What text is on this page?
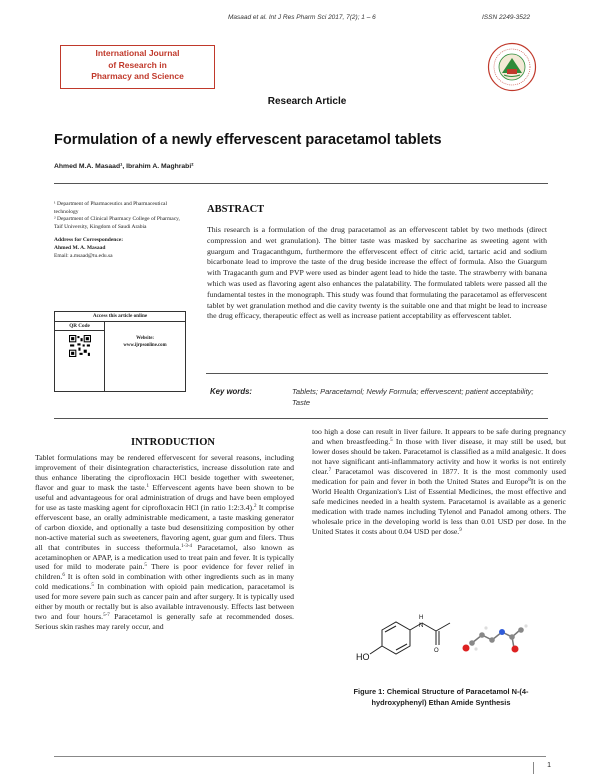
Masaad et al. Int J Res Pharm Sci 2017, 7(2); 1 – 6	ISSN 2249-3522
International Journal
of Research in
Pharmacy and Science
Research Article
Formulation of a newly effervescent paracetamol tablets
Ahmed M.A. Masaad¹, Ibrahim A. Maghrabi²
¹ Department of Pharmaceutics and Pharmaceutical technology
² Department of Clinical Pharmacy College of Pharmacy, Taif University, Kingdom of Saudi Arabia
Address for Correspondence:
Ahmed M. A. Masaad
Email: a.msaad@tu.edu.sa
Access this article online
QR Code
Website:
www.ijrpsonline.com
ABSTRACT
This research is a formulation of the drug paracetamol as an effervescent tablet by two methods (direct compression and wet granulation). The bitter taste was masked by saccharine as sweeting agent with guargum and Tragacanthgum, furthermore the effervescent effect of citric acid, tartaric acid and sodium bicarbonate lead to improve the taste of the drug beside increase the effect of formula. Also the Guargum with Tragacanth gum and PVP were used as binder agent lead to hide the taste. The strawberry with banana which was used as flavoring agent also enhances the palatability. The formulated tablets were passed all the fundamental testes in the monograph. This study was found that formulating the paracetamol as effervescent tablet by wet granulation method and die cavity twenty is the suitable one and that might be lead to increase the drug efficacy, therapeutic effect as well as increase patient acceptability as effervescent tablet.
Key words:	Tablets; Paracetamol; Newly Formula; effervescent; patient acceptability; Taste
INTRODUCTION
Tablet formulations may be rendered effervescent for several reasons, including improvement of their disintegration characteristics, increase dissolution rate and thus enhance liberating the ciprofloxacin HCl beside together with sweetener, flavor and guar to mask the taste.$^1$ Effervescent agents have been shown to be useful and advantageous for oral administration of drugs and have been employed for use as taste masking agent for ciprofloxacin HCl (in ratio 1:2:3.4).$^2$ It comprise effervescent base, an orally administrable medicament, a taste masking generator of carbon dioxide, and optionally a taste bud desensitizing composition by other non-active material such as sweeteners, flavoring agent, guar gum and filers. Thus all that contributes in success theformula.$^{1-3-4}$ Paracetamol, also known as acetaminophen or APAP, is a medication used to treat pain and fever. It is typically used for mild to moderate pain.$^5$ There is poor evidence for fever relief in children.$^6$ It is often sold in combination with other ingredients such as in many cold medications.$^5$ In combination with opioid pain medication, paracetamol is used for more severe pain such as cancer pain and after surgery. It is typically used either by mouth or rectally but is also available intravenously. Effects last between two and four hours.$^{5-7}$ Paracetamol is generally safe at recommended doses. Serious skin rashes may rarely occur, and
too high a dose can result in liver failure. It appears to be safe during pregnancy and when breastfeeding.$^5$ In those with liver disease, it may still be used, but lower doses should be taken. Paracetamol is classified as a mild analgesic. It does not have significant anti-inflammatory activity and how it works is not entirely clear.$^7$ Paracetamol was discovered in 1877. It is the most commonly used medication for pain and fever in both the United States and Europe$^8$It is on the World Health Organization's List of Essential Medicines, the most effective and safe medicines needed in a health system. Paracetamol is available as a generic medication with trade names including Tylenol and Panadol among others. The wholesale price in the developing world is less than 0.01 USD per dose. In the United States it costs about 0.04 USD per dose.$^9$
HO
H
N
O
Figure 1: Chemical Structure of Paracetamol N-(4-
hydroxyphenyl) Ethan Amide Synthesis
1
